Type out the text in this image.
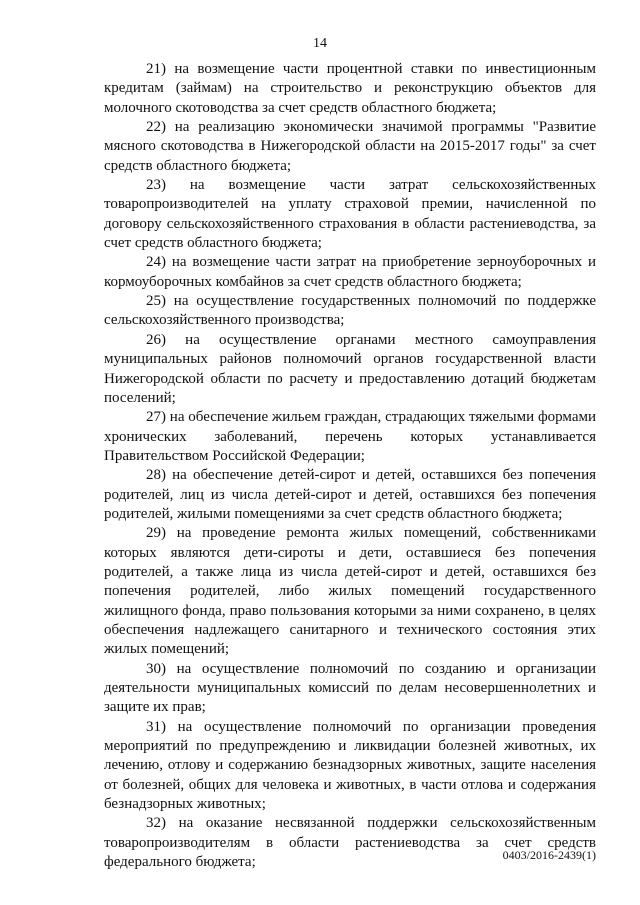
14

21) на возмещение части процентной ставки по инвестиционным кредитам (займам) на строительство и реконструкцию объектов для молочного скотоводства за счет средств областного бюджета;

22) на реализацию экономически значимой программы "Развитие мясного скотоводства в Нижегородской области на 2015-2017 годы" за счет средств областного бюджета;

23) на возмещение части затрат сельскохозяйственных товаропроизводителей на уплату страховой премии, начисленной по договору сельскохозяйственного страхования в области растениеводства, за счет средств областного бюджета;

24) на возмещение части затрат на приобретение зерноуборочных и кормоуборочных комбайнов за счет средств областного бюджета;

25) на осуществление государственных полномочий по поддержке сельскохозяйственного производства;

26) на осуществление органами местного самоуправления муниципальных районов полномочий органов государственной власти Нижегородской области по расчету и предоставлению дотаций бюджетам поселений;

27) на обеспечение жильем граждан, страдающих тяжелыми формами хронических заболеваний, перечень которых устанавливается Правительством Российской Федерации;

28) на обеспечение детей-сирот и детей, оставшихся без попечения родителей, лиц из числа детей-сирот и детей, оставшихся без попечения родителей, жилыми помещениями за счет средств областного бюджета;

29) на проведение ремонта жилых помещений, собственниками которых являются дети-сироты и дети, оставшиеся без попечения родителей, а также лица из числа детей-сирот и детей, оставшихся без попечения родителей, либо жилых помещений государственного жилищного фонда, право пользования которыми за ними сохранено, в целях обеспечения надлежащего санитарного и технического состояния этих жилых помещений;

30) на осуществление полномочий по созданию и организации деятельности муниципальных комиссий по делам несовершеннолетних и защите их прав;

31) на осуществление полномочий по организации проведения мероприятий по предупреждению и ликвидации болезней животных, их лечению, отлову и содержанию безнадзорных животных, защите населения от болезней, общих для человека и животных, в части отлова и содержания безнадзорных животных;

32) на оказание несвязанной поддержки сельскохозяйственным товаропроизводителям в области растениеводства за счет средств федерального бюджета;	0403/2016-2439(1)
